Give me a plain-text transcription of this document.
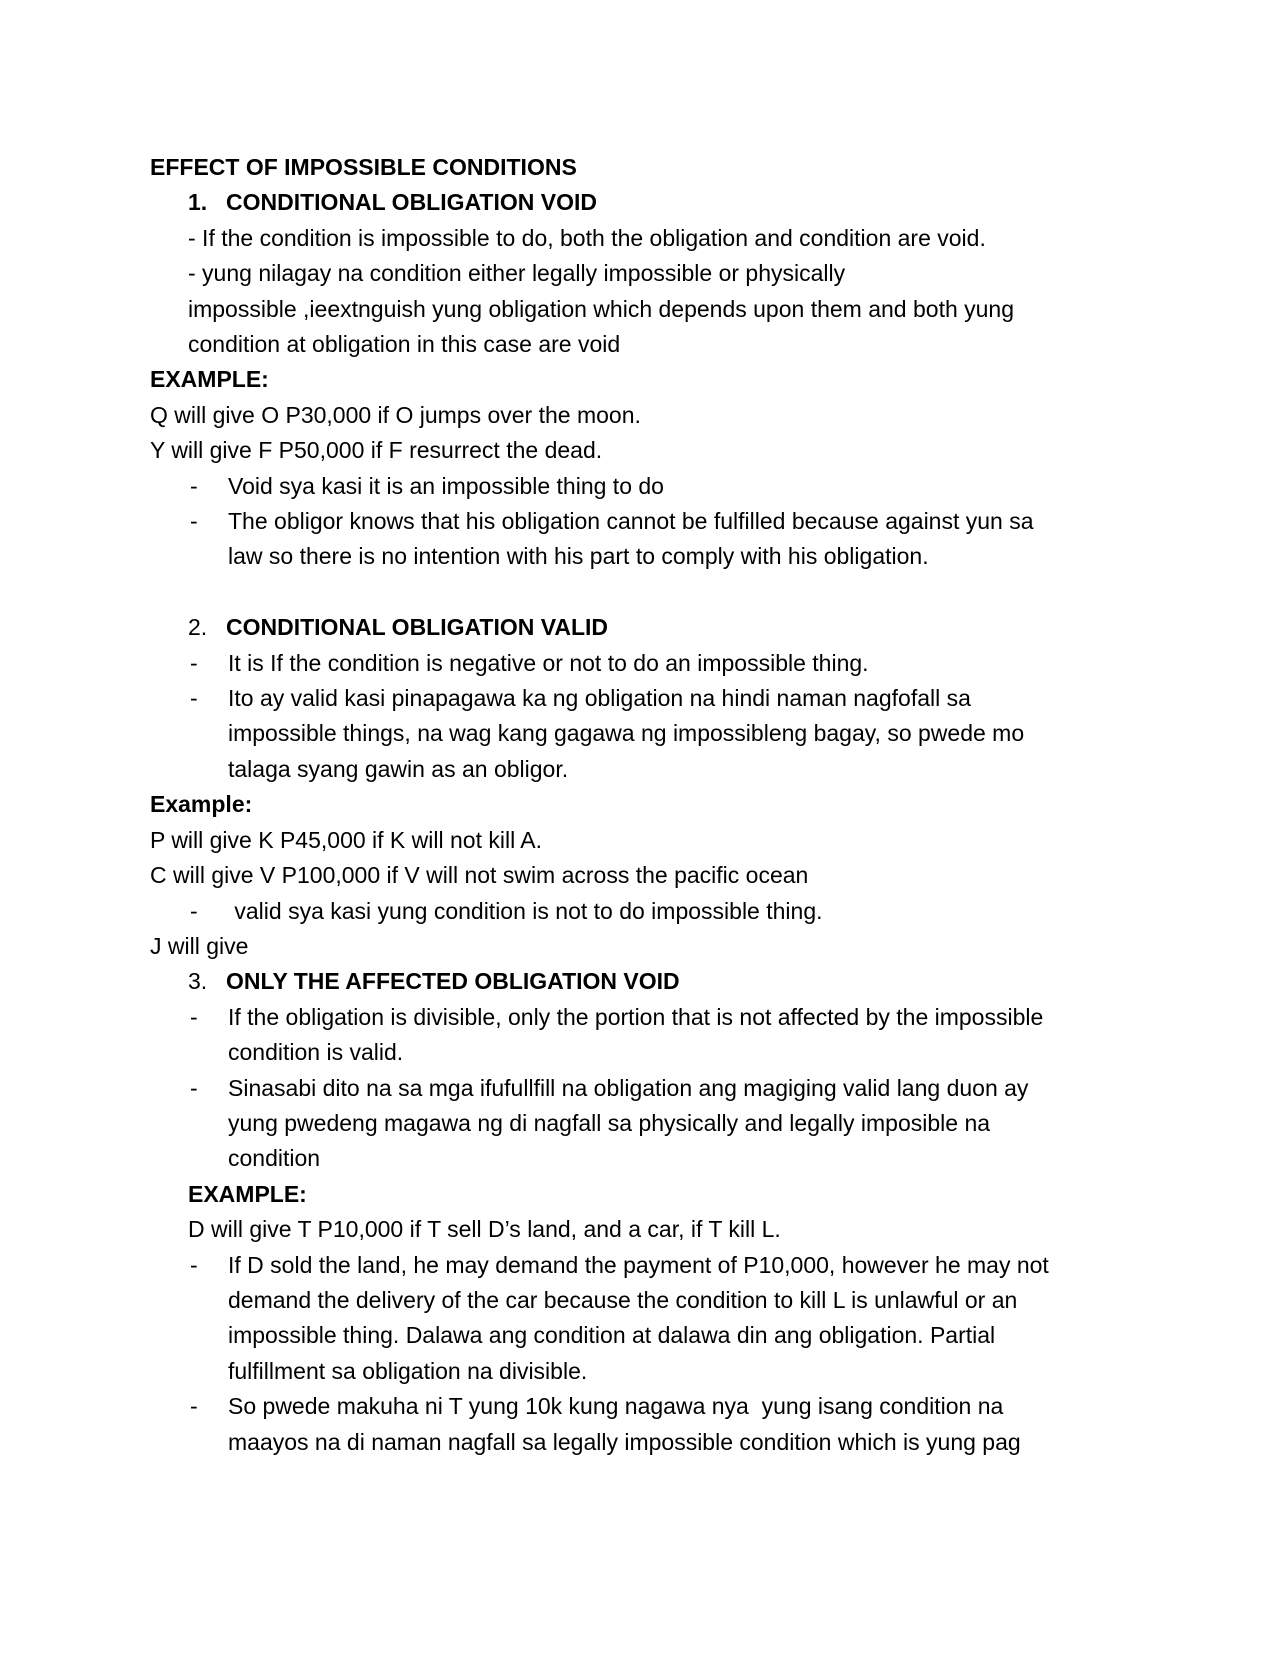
EFFECT OF IMPOSSIBLE CONDITIONS
1. CONDITIONAL OBLIGATION VOID
- If the condition is impossible to do, both the obligation and condition are void.
- yung nilagay na condition either legally impossible or physically
impossible ,ieextnguish yung obligation which depends upon them and both yung
condition at obligation in this case are void
EXAMPLE:
Q will give O P30,000 if O jumps over the moon.
Y will give F P50,000 if F resurrect the dead.
-	Void sya kasi it is an impossible thing to do
-	The obligor knows that his obligation cannot be fulfilled because against yun sa
law so there is no intention with his part to comply with his obligation.
2. CONDITIONAL OBLIGATION VALID
-	It is If the condition is negative or not to do an impossible thing.
-	Ito ay valid kasi pinapagawa ka ng obligation na hindi naman nagfofall sa
impossible things, na wag kang gagawa ng impossibleng bagay, so pwede mo
talaga syang gawin as an obligor.
Example:
P will give K P45,000 if K will not kill A.
C will give V P100,000 if V will not swim across the pacific ocean
-	valid sya kasi yung condition is not to do impossible thing.
J will give
3. ONLY THE AFFECTED OBLIGATION VOID
-	If the obligation is divisible, only the portion that is not affected by the impossible
condition is valid.
-	Sinasabi dito na sa mga ifufullfill na obligation ang magiging valid lang duon ay
yung pwedeng magawa ng di nagfall sa physically and legally imposible na
condition
EXAMPLE:
D will give T P10,000 if T sell D’s land, and a car, if T kill L.
-	If D sold the land, he may demand the payment of P10,000, however he may not
demand the delivery of the car because the condition to kill L is unlawful or an
impossible thing. Dalawa ang condition at dalawa din ang obligation. Partial
fulfillment sa obligation na divisible.
-	So pwede makuha ni T yung 10k kung nagawa nya  yung isang condition na
maayos na di naman nagfall sa legally impossible condition which is yung pag
